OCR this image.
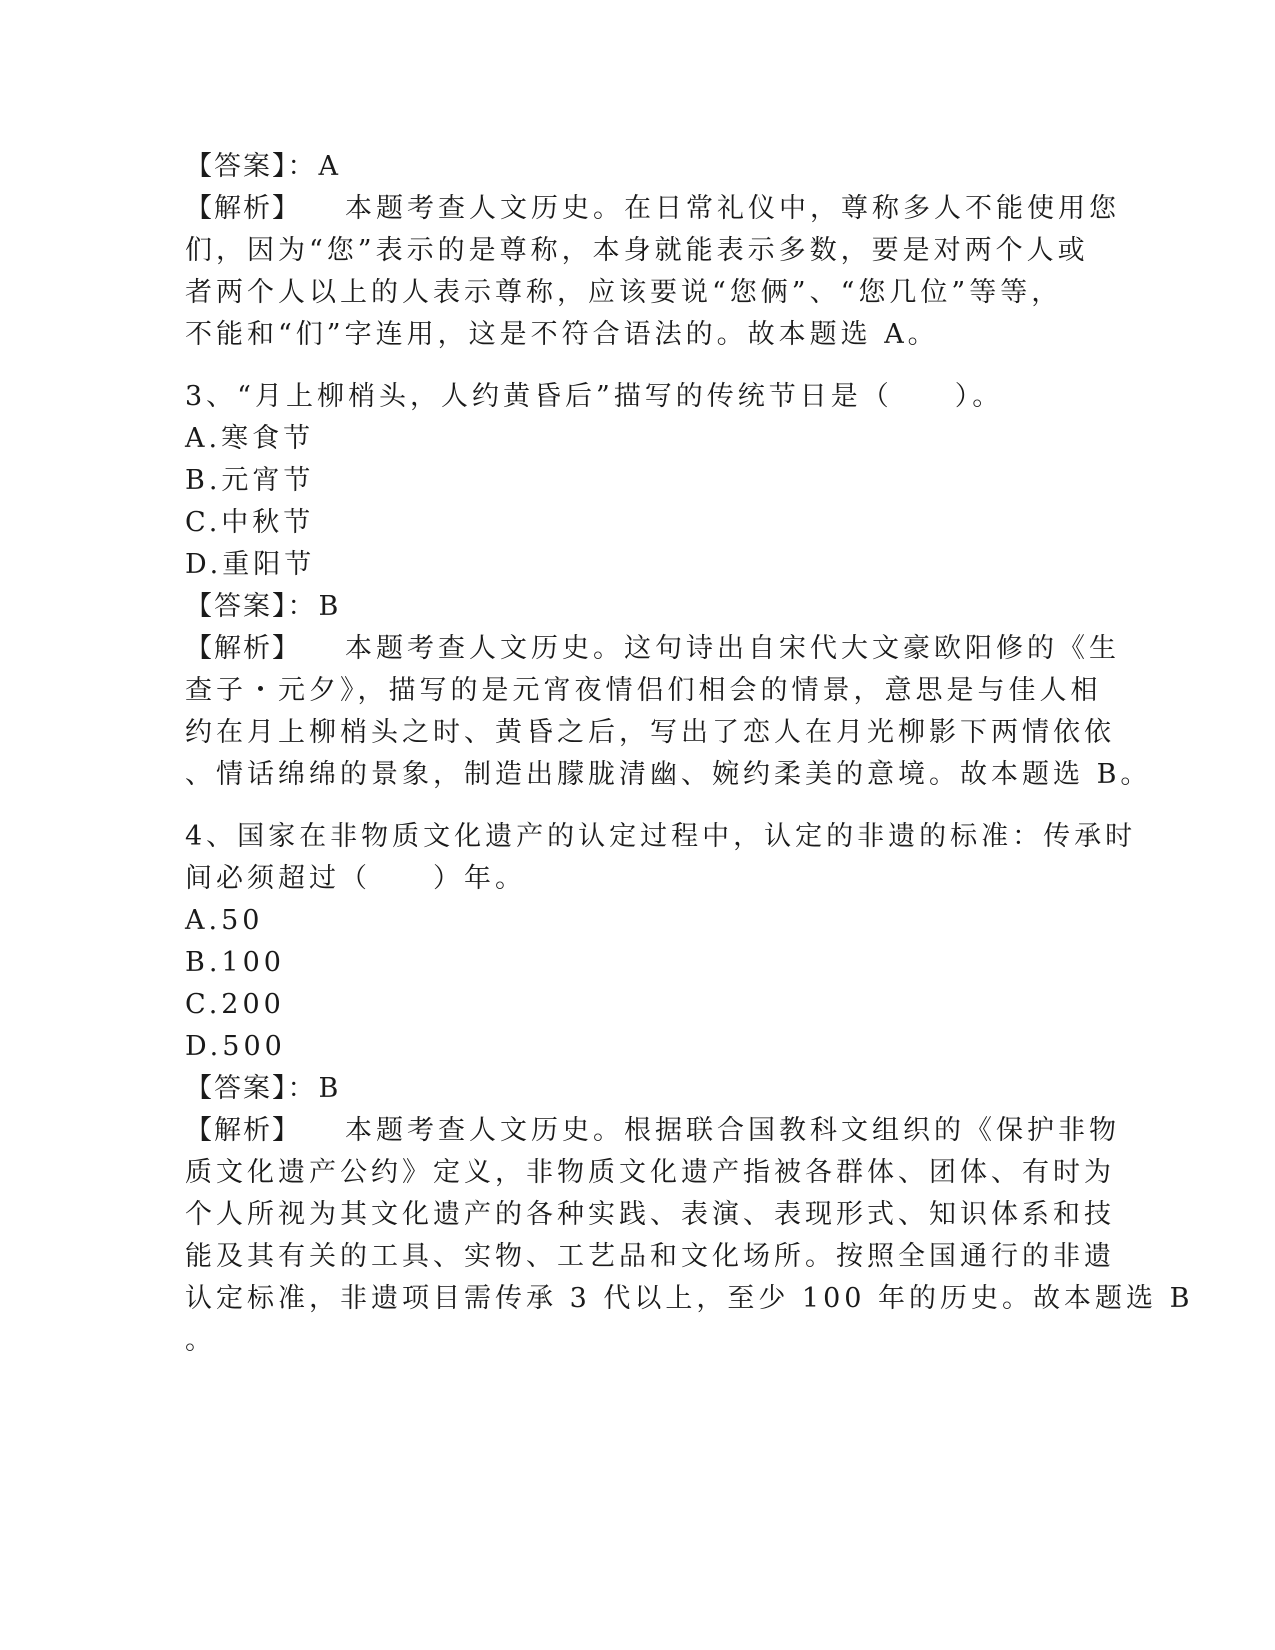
【答案】：A
【解析】 本题考查人文历史。在日常礼仪中，尊称多人不能使用您
们，因为“您”表示的是尊称，本身就能表示多数，要是对两个人或
者两个人以上的人表示尊称，应该要说“您俩”、“您几位”等等，
不能和“们”字连用，这是不符合语法的。故本题选 A。
3、“月上柳梢头，人约黄昏后”描写的传统节日是（　　）。
A.寒食节
B.元宵节
C.中秋节
D.重阳节
【答案】：B
【解析】 本题考查人文历史。这句诗出自宋代大文豪欧阳修的《生
查子・元夕》，描写的是元宵夜情侣们相会的情景，意思是与佳人相
约在月上柳梢头之时、黄昏之后，写出了恋人在月光柳影下两情依依
、情话绵绵的景象，制造出朦胧清幽、婉约柔美的意境。故本题选 B。
4、国家在非物质文化遗产的认定过程中，认定的非遗的标准：传承时
间必须超过（　　）年。
A.50
B.100
C.200
D.500
【答案】：B
【解析】 本题考查人文历史。根据联合国教科文组织的《保护非物
质文化遗产公约》定义，非物质文化遗产指被各群体、团体、有时为
个人所视为其文化遗产的各种实践、表演、表现形式、知识体系和技
能及其有关的工具、实物、工艺品和文化场所。按照全国通行的非遗
认定标准，非遗项目需传承 3 代以上，至少 100 年的历史。故本题选 B
。
